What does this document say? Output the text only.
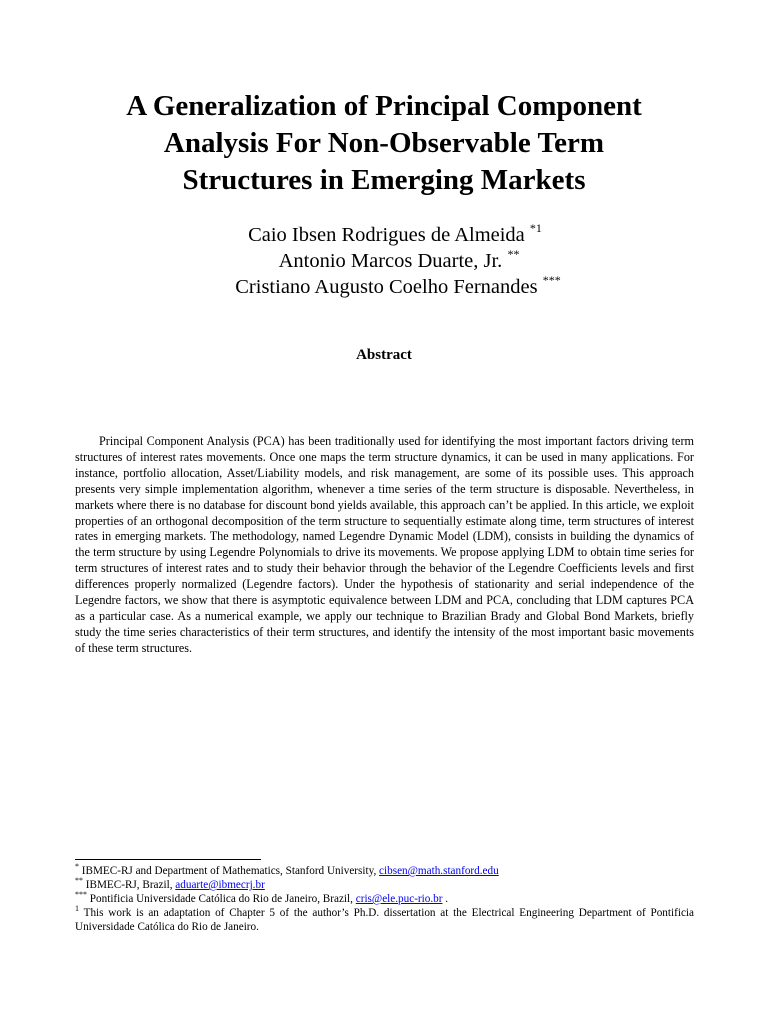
A Generalization of Principal Component
Analysis For Non-Observable Term
Structures in Emerging Markets
Caio Ibsen Rodrigues de Almeida $^{*1}$
Antonio Marcos Duarte, Jr. **
Cristiano Augusto Coelho Fernandes ***
Abstract

Principal Component Analysis (PCA) has been traditionally used for identifying the most important factors driving term structures of interest rates movements. Once one maps the term structure dynamics, it can be used in many applications. For instance, portfolio allocation, Asset/Liability models, and risk management, are some of its possible uses. This approach presents very simple implementation algorithm, whenever a time series of the term structure is disposable. Nevertheless, in markets where there is no database for discount bond yields available, this approach can’t be applied. In this article, we exploit properties of an orthogonal decomposition of the term structure to sequentially estimate along time, term structures of interest rates in emerging markets. The methodology, named Legendre Dynamic Model (LDM), consists in building the dynamics of the term structure by using Legendre Polynomials to drive its movements. We propose applying LDM to obtain time series for term structures of interest rates and to study their behavior through the behavior of the Legendre Coefficients levels and first differences properly normalized (Legendre factors). Under the hypothesis of stationarity and serial independence of the Legendre factors, we show that there is asymptotic equivalence between LDM and PCA, concluding that LDM captures PCA as a particular case. As a numerical example, we apply our technique to Brazilian Brady and Global Bond Markets, briefly study the time series characteristics of their term structures, and identify the intensity of the most important basic movements of these term structures.

* IBMEC-RJ and Department of Mathematics, Stanford University, cibsen@math.stanford.edu
** IBMEC-RJ, Brazil, aduarte@ibmecrj.br
*** Pontificia Universidade Católica do Rio de Janeiro, Brazil, cris@ele.puc-rio.br .
$^1$ This work is an adaptation of Chapter 5 of the author’s Ph.D. dissertation at the Electrical Engineering Department of Pontificia Universidade Católica do Rio de Janeiro.
